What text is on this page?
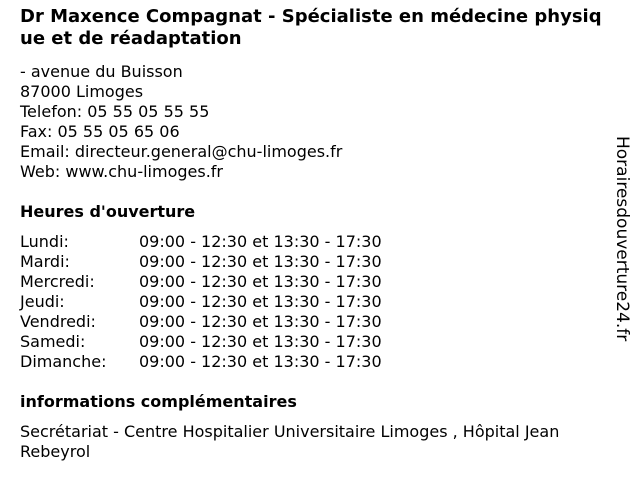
Dr Maxence Compagnat - Spécialiste en médecine physique et de réadaptation
- avenue du Buisson
87000 Limoges
Telefon: 05 55 05 55 55
Fax: 05 55 05 65 06
Email: directeur.general@chu-limoges.fr
Web: www.chu-limoges.fr
Heures d'ouverture
Lundi:	09:00 - 12:30 et 13:30 - 17:30
Mardi:	09:00 - 12:30 et 13:30 - 17:30
Mercredi:	09:00 - 12:30 et 13:30 - 17:30
Jeudi:	09:00 - 12:30 et 13:30 - 17:30
Vendredi:	09:00 - 12:30 et 13:30 - 17:30
Samedi:	09:00 - 12:30 et 13:30 - 17:30
Dimanche:	09:00 - 12:30 et 13:30 - 17:30
informations complémentaires
Secrétariat - Centre Hospitalier Universitaire Limoges , Hôpital Jean Rebeyrol
Horairesdouverture24.fr
